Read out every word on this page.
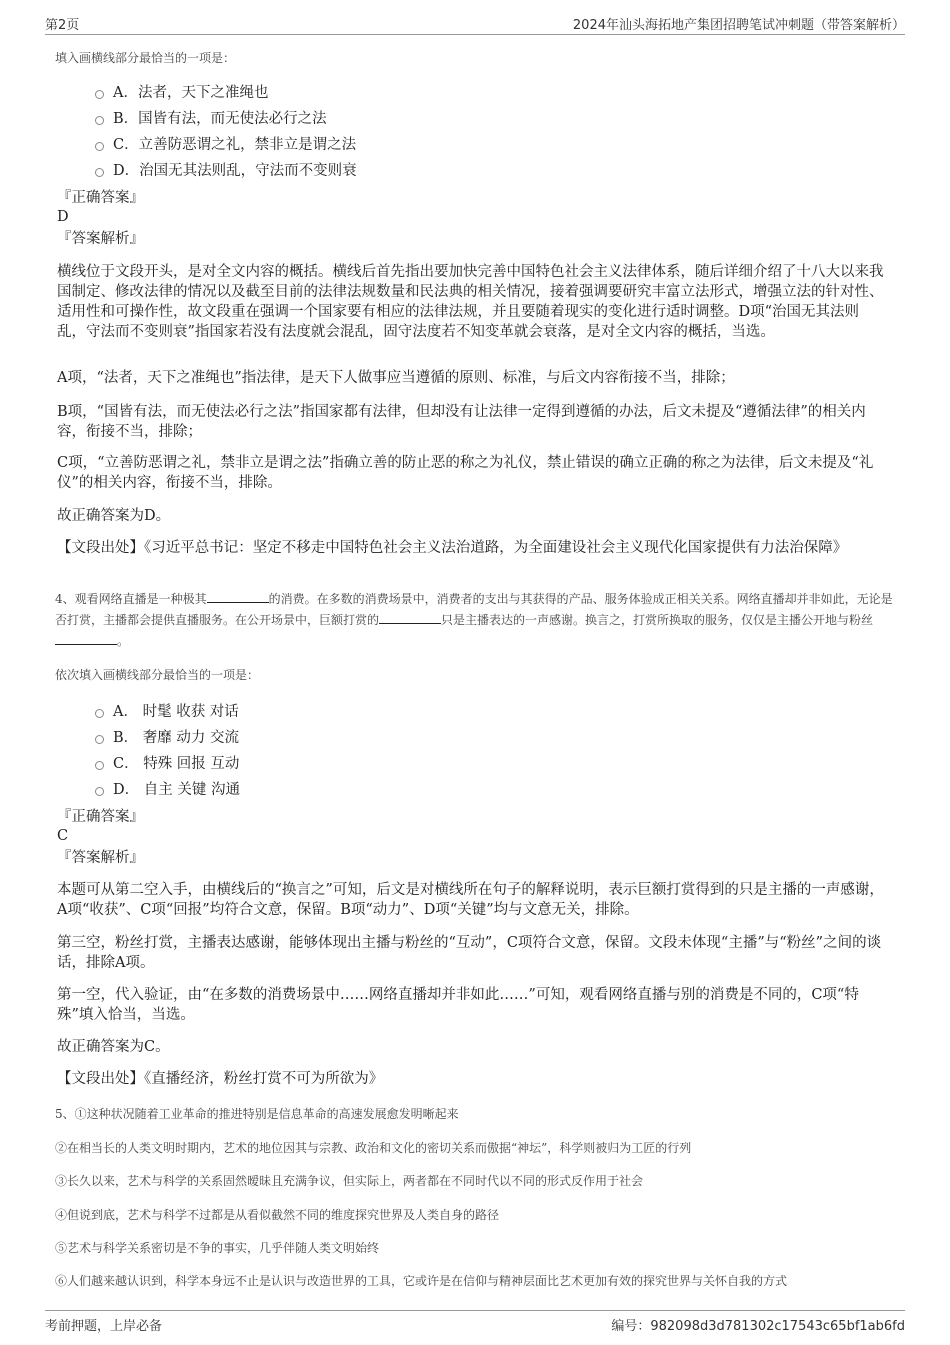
第2页	2024年汕头海拓地产集团招聘笔试冲刺题（带答案解析）
填入画横线部分最恰当的一项是：
A．法者，天下之准绳也
B．国皆有法，而无使法必行之法
C．立善防恶谓之礼，禁非立是谓之法
D．治国无其法则乱，守法而不变则衰
『正确答案』
D
『答案解析』
横线位于文段开头，是对全文内容的概括。横线后首先指出要加快完善中国特色社会主义法律体系，随后详细介绍了十八大以来我国制定、修改法律的情况以及截至目前的法律法规数量和民法典的相关情况，接着强调要研究丰富立法形式，增强立法的针对性、适用性和可操作性，故文段重在强调一个国家要有相应的法律法规，并且要随着现实的变化进行适时调整。D项“治国无其法则乱，守法而不变则衰”指国家若没有法度就会混乱，固守法度若不知变革就会衰落，是对全文内容的概括，当选。
A项，“法者，天下之准绳也”指法律，是天下人做事应当遵循的原则、标准，与后文内容衔接不当，排除；
B项，“国皆有法，而无使法必行之法”指国家都有法律，但却没有让法律一定得到遵循的办法，后文未提及“遵循法律”的相关内容，衔接不当，排除；
C项，“立善防恶谓之礼，禁非立是谓之法”指确立善的防止恶的称之为礼仪，禁止错误的确立正确的称之为法律，后文未提及“礼仪”的相关内容，衔接不当，排除。
故正确答案为D。
【文段出处】《习近平总书记：坚定不移走中国特色社会主义法治道路，为全面建设社会主义现代化国家提供有力法治保障》
4、观看网络直播是一种极其	的消费。在多数的消费场景中，消费者的支出与其获得的产品、服务体验成正相关关系。网络直播却并非如此，无论是否打赏，主播都会提供直播服务。在公开场景中，巨额打赏的	只是主播表达的一声感谢。换言之，打赏所换取的服务，仅仅是主播公开地与粉丝。
依次填入画横线部分最恰当的一项是：
A． 时髦 收获 对话
B． 奢靡 动力 交流
C． 特殊 回报 互动
D． 自主 关键 沟通
『正确答案』
C
『答案解析』
本题可从第二空入手，由横线后的“换言之”可知，后文是对横线所在句子的解释说明，表示巨额打赏得到的只是主播的一声感谢，A项“收获”、C项“回报”均符合文意，保留。B项“动力”、D项“关键”均与文意无关，排除。
第三空，粉丝打赏，主播表达感谢，能够体现出主播与粉丝的“互动”，C项符合文意，保留。文段未体现“主播”与“粉丝”之间的谈话，排除A项。
第一空，代入验证，由“在多数的消费场景中……网络直播却并非如此……”可知，观看网络直播与别的消费是不同的，C项“特殊”填入恰当，当选。
故正确答案为C。
【文段出处】《直播经济，粉丝打赏不可为所欲为》
5、①这种状况随着工业革命的推进特别是信息革命的高速发展愈发明晰起来
②在相当长的人类文明时期内，艺术的地位因其与宗教、政治和文化的密切关系而傲据“神坛”，科学则被归为工匠的行列
③长久以来，艺术与科学的关系固然暧昧且充满争议，但实际上，两者都在不同时代以不同的形式反作用于社会
④但说到底，艺术与科学不过都是从看似截然不同的维度探究世界及人类自身的路径
⑤艺术与科学关系密切是不争的事实，几乎伴随人类文明始终
⑥人们越来越认识到，科学本身远不止是认识与改造世界的工具，它或许是在信仰与精神层面比艺术更加有效的探究世界与关怀自我的方式
考前押题，上岸必备	编号：982098d3d781302c17543c65bf1ab6fd
